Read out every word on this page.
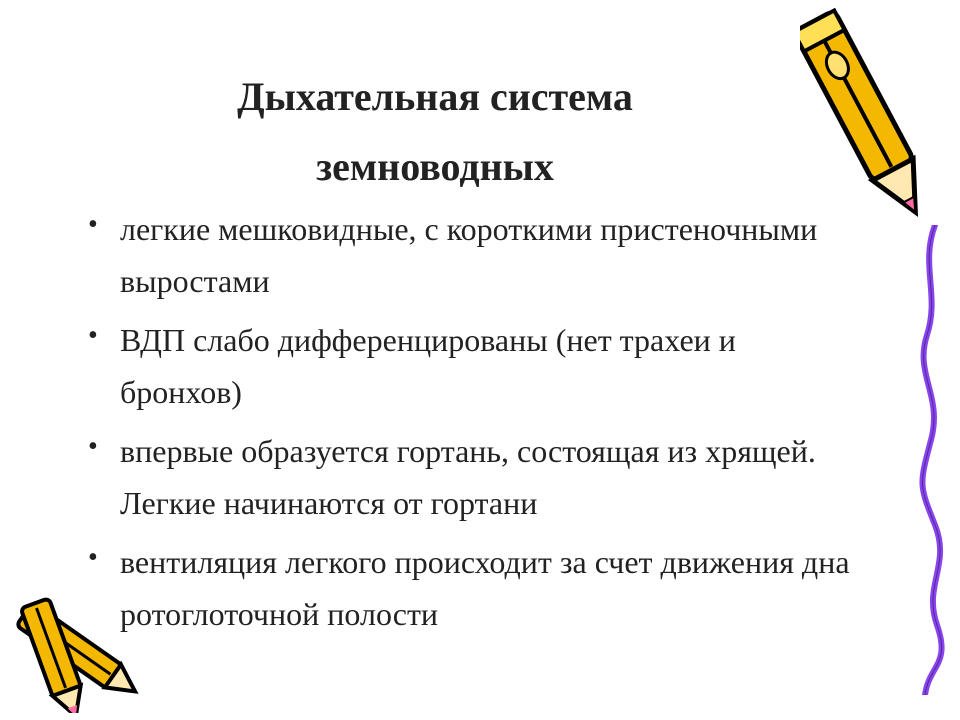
Дыхательная система
земноводных
• легкие мешковидные, с короткими пристеночными выростами
• ВДП слабо дифференцированы (нет трахеи и бронхов)
• впервые образуется гортань, состоящая из хрящей. Легкие начинаются от гортани
• вентиляция легкого происходит за счет движения дна ротоглоточной полости
